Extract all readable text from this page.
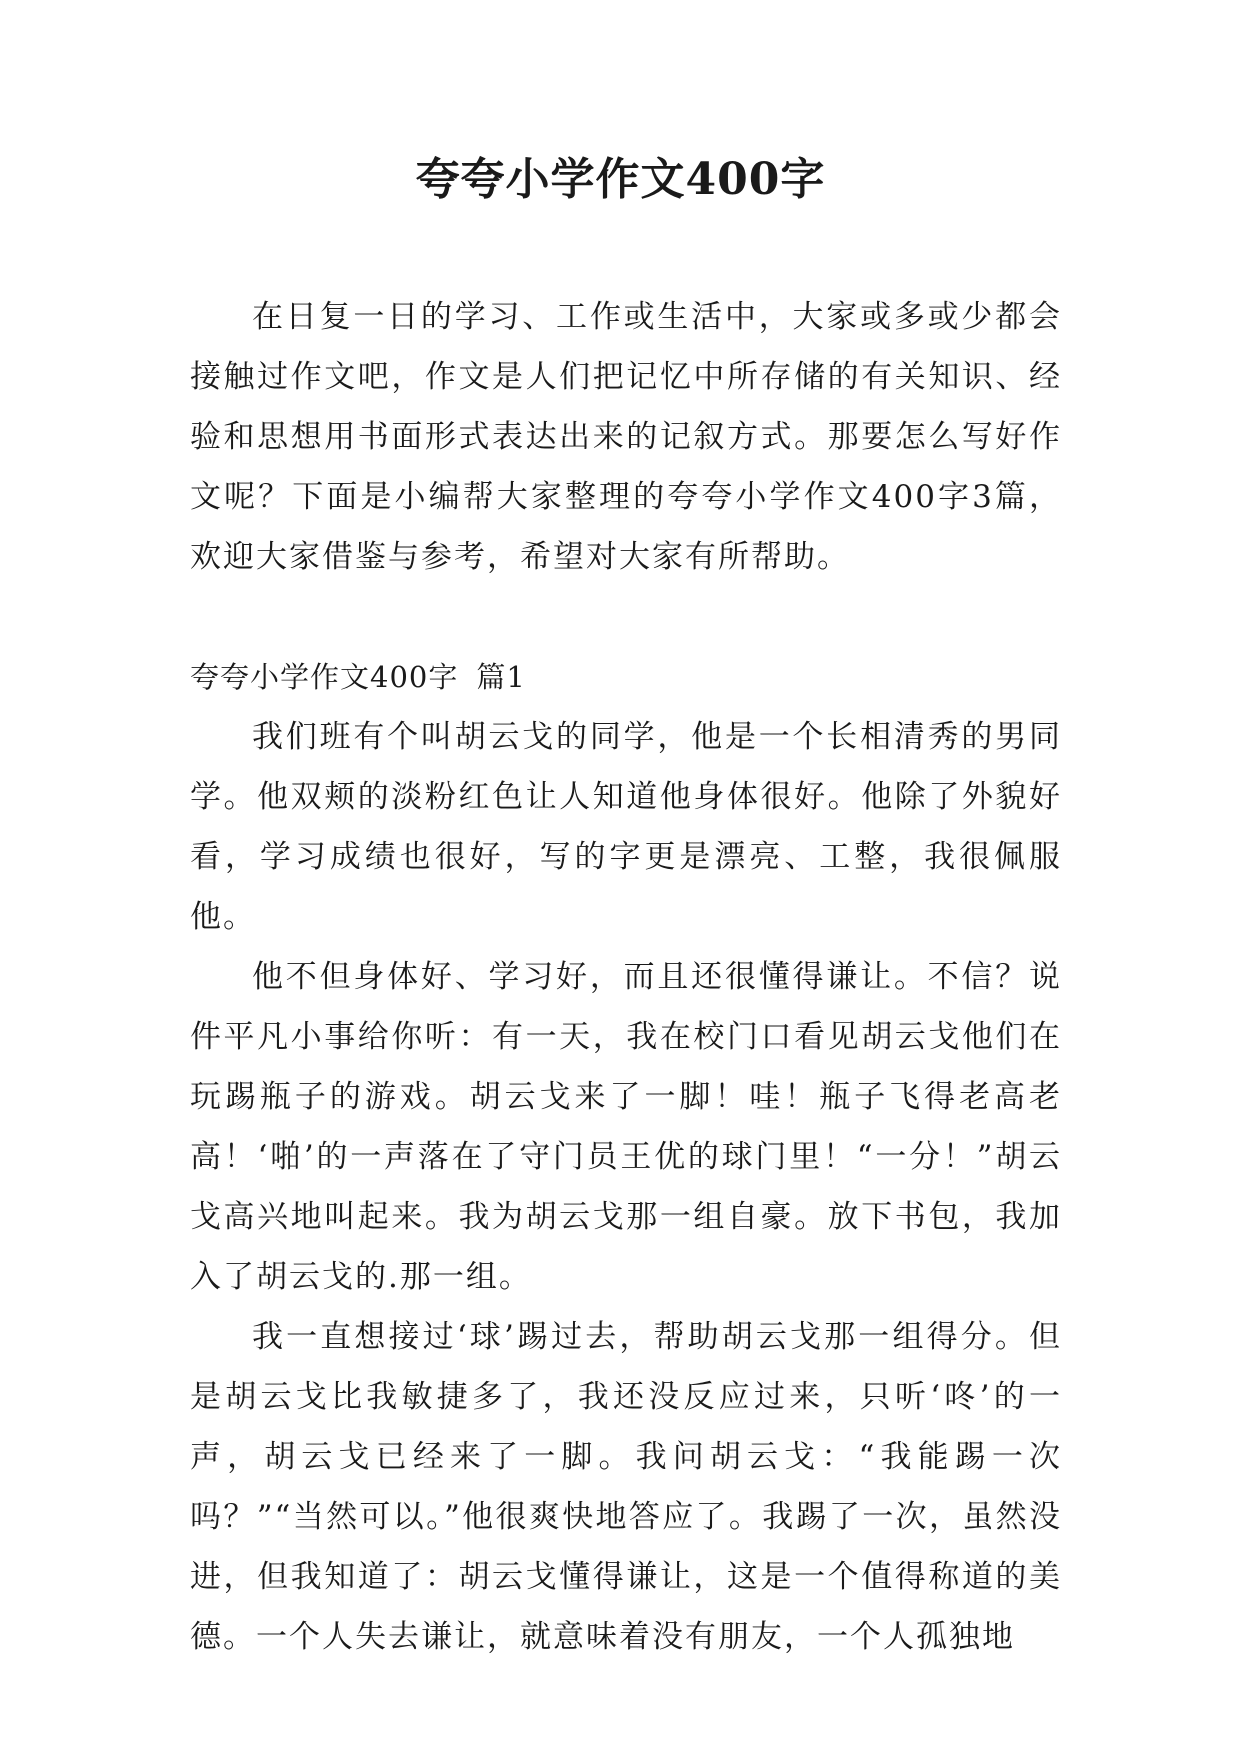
夸夸小学作文400字

在日复一日的学习、工作或生活中，大家或多或少都会接触过作文吧，作文是人们把记忆中所存储的有关知识、经验和思想用书面形式表达出来的记叙方式。那要怎么写好作文呢？下面是小编帮大家整理的夸夸小学作文400字3篇，欢迎大家借鉴与参考，希望对大家有所帮助。

夸夸小学作文400字 篇1

我们班有个叫胡云戈的同学，他是一个长相清秀的男同学。他双颊的淡粉红色让人知道他身体很好。他除了外貌好看，学习成绩也很好，写的字更是漂亮、工整，我很佩服他。

他不但身体好、学习好，而且还很懂得谦让。不信？说件平凡小事给你听：有一天，我在校门口看见胡云戈他们在玩踢瓶子的游戏。胡云戈来了一脚！哇！瓶子飞得老高老高！‘啪’的一声落在了守门员王优的球门里！“一分！”胡云戈高兴地叫起来。我为胡云戈那一组自豪。放下书包，我加入了胡云戈的.那一组。

我一直想接过‘球’踢过去，帮助胡云戈那一组得分。但是胡云戈比我敏捷多了，我还没反应过来，只听‘咚’的一声，胡云戈已经来了一脚。我问胡云戈：“我能踢一次吗？”“当然可以。”他很爽快地答应了。我踢了一次，虽然没进，但我知道了：胡云戈懂得谦让，这是一个值得称道的美德。一个人失去谦让，就意味着没有朋友，一个人孤独地
